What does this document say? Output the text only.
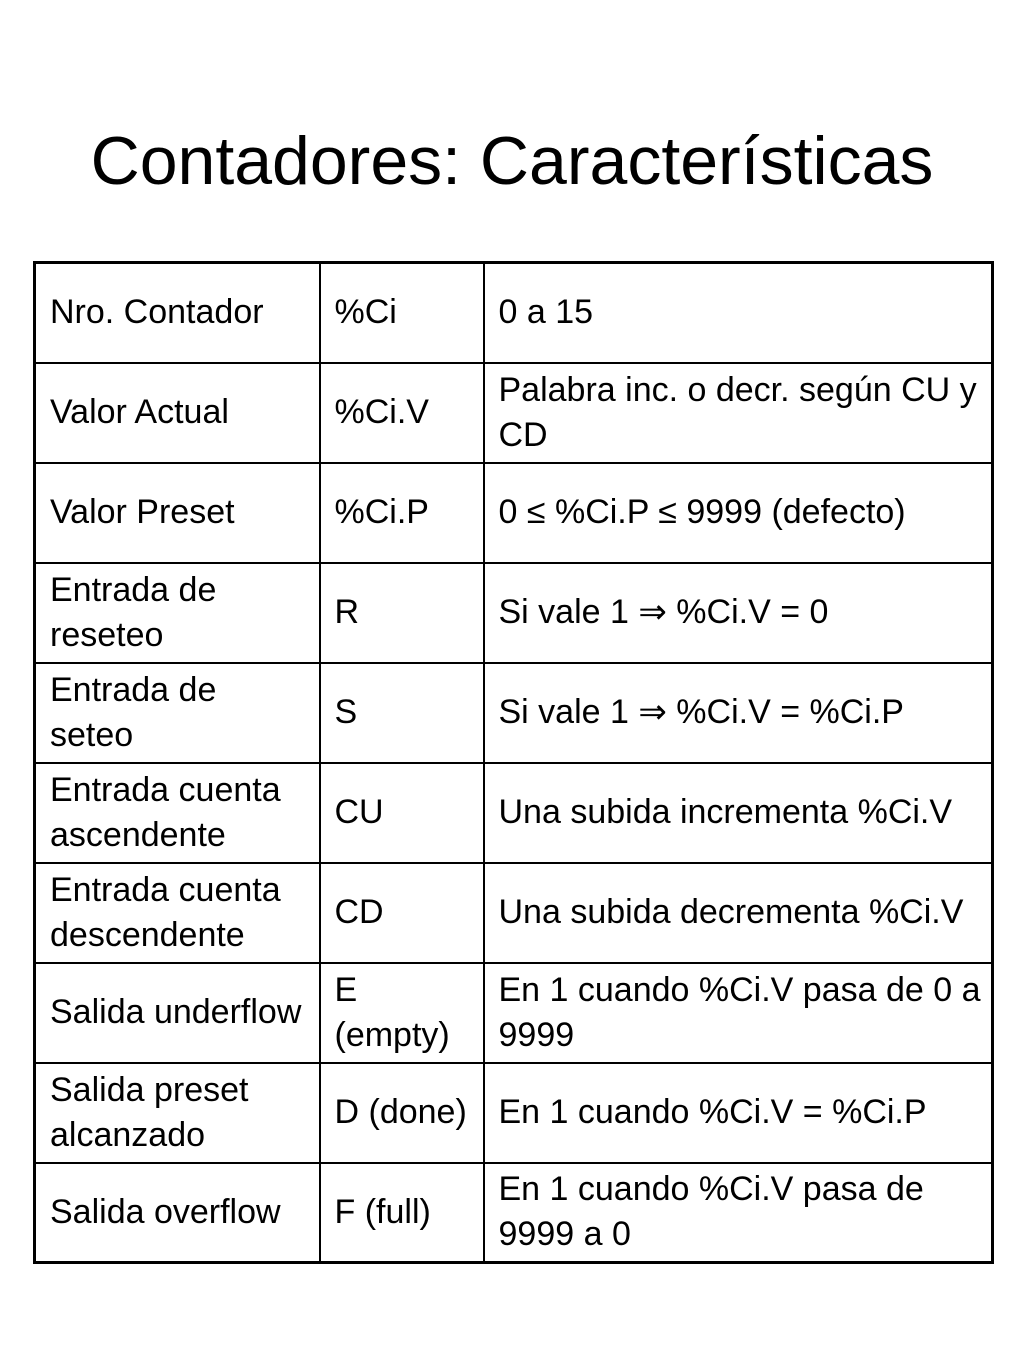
Contadores: Características
Nro. Contador	%Ci	0 a 15
Valor Actual	%Ci.V	Palabra inc. o decr. según CU y CD
Valor Preset	%Ci.P	0 ≤ %Ci.P ≤ 9999 (defecto)
Entrada de reseteo	R	Si vale 1 ⇒ %Ci.V = 0
Entrada de seteo	S	Si vale 1 ⇒ %Ci.V = %Ci.P
Entrada cuenta ascendente	CU	Una subida incrementa %Ci.V
Entrada cuenta descendente	CD	Una subida decrementa %Ci.V
Salida underflow	E (empty)	En 1 cuando %Ci.V pasa de 0 a 9999
Salida preset alcanzado	D (done)	En 1 cuando %Ci.V = %Ci.P
Salida overflow	F (full)	En 1 cuando %Ci.V pasa de 9999 a 0
